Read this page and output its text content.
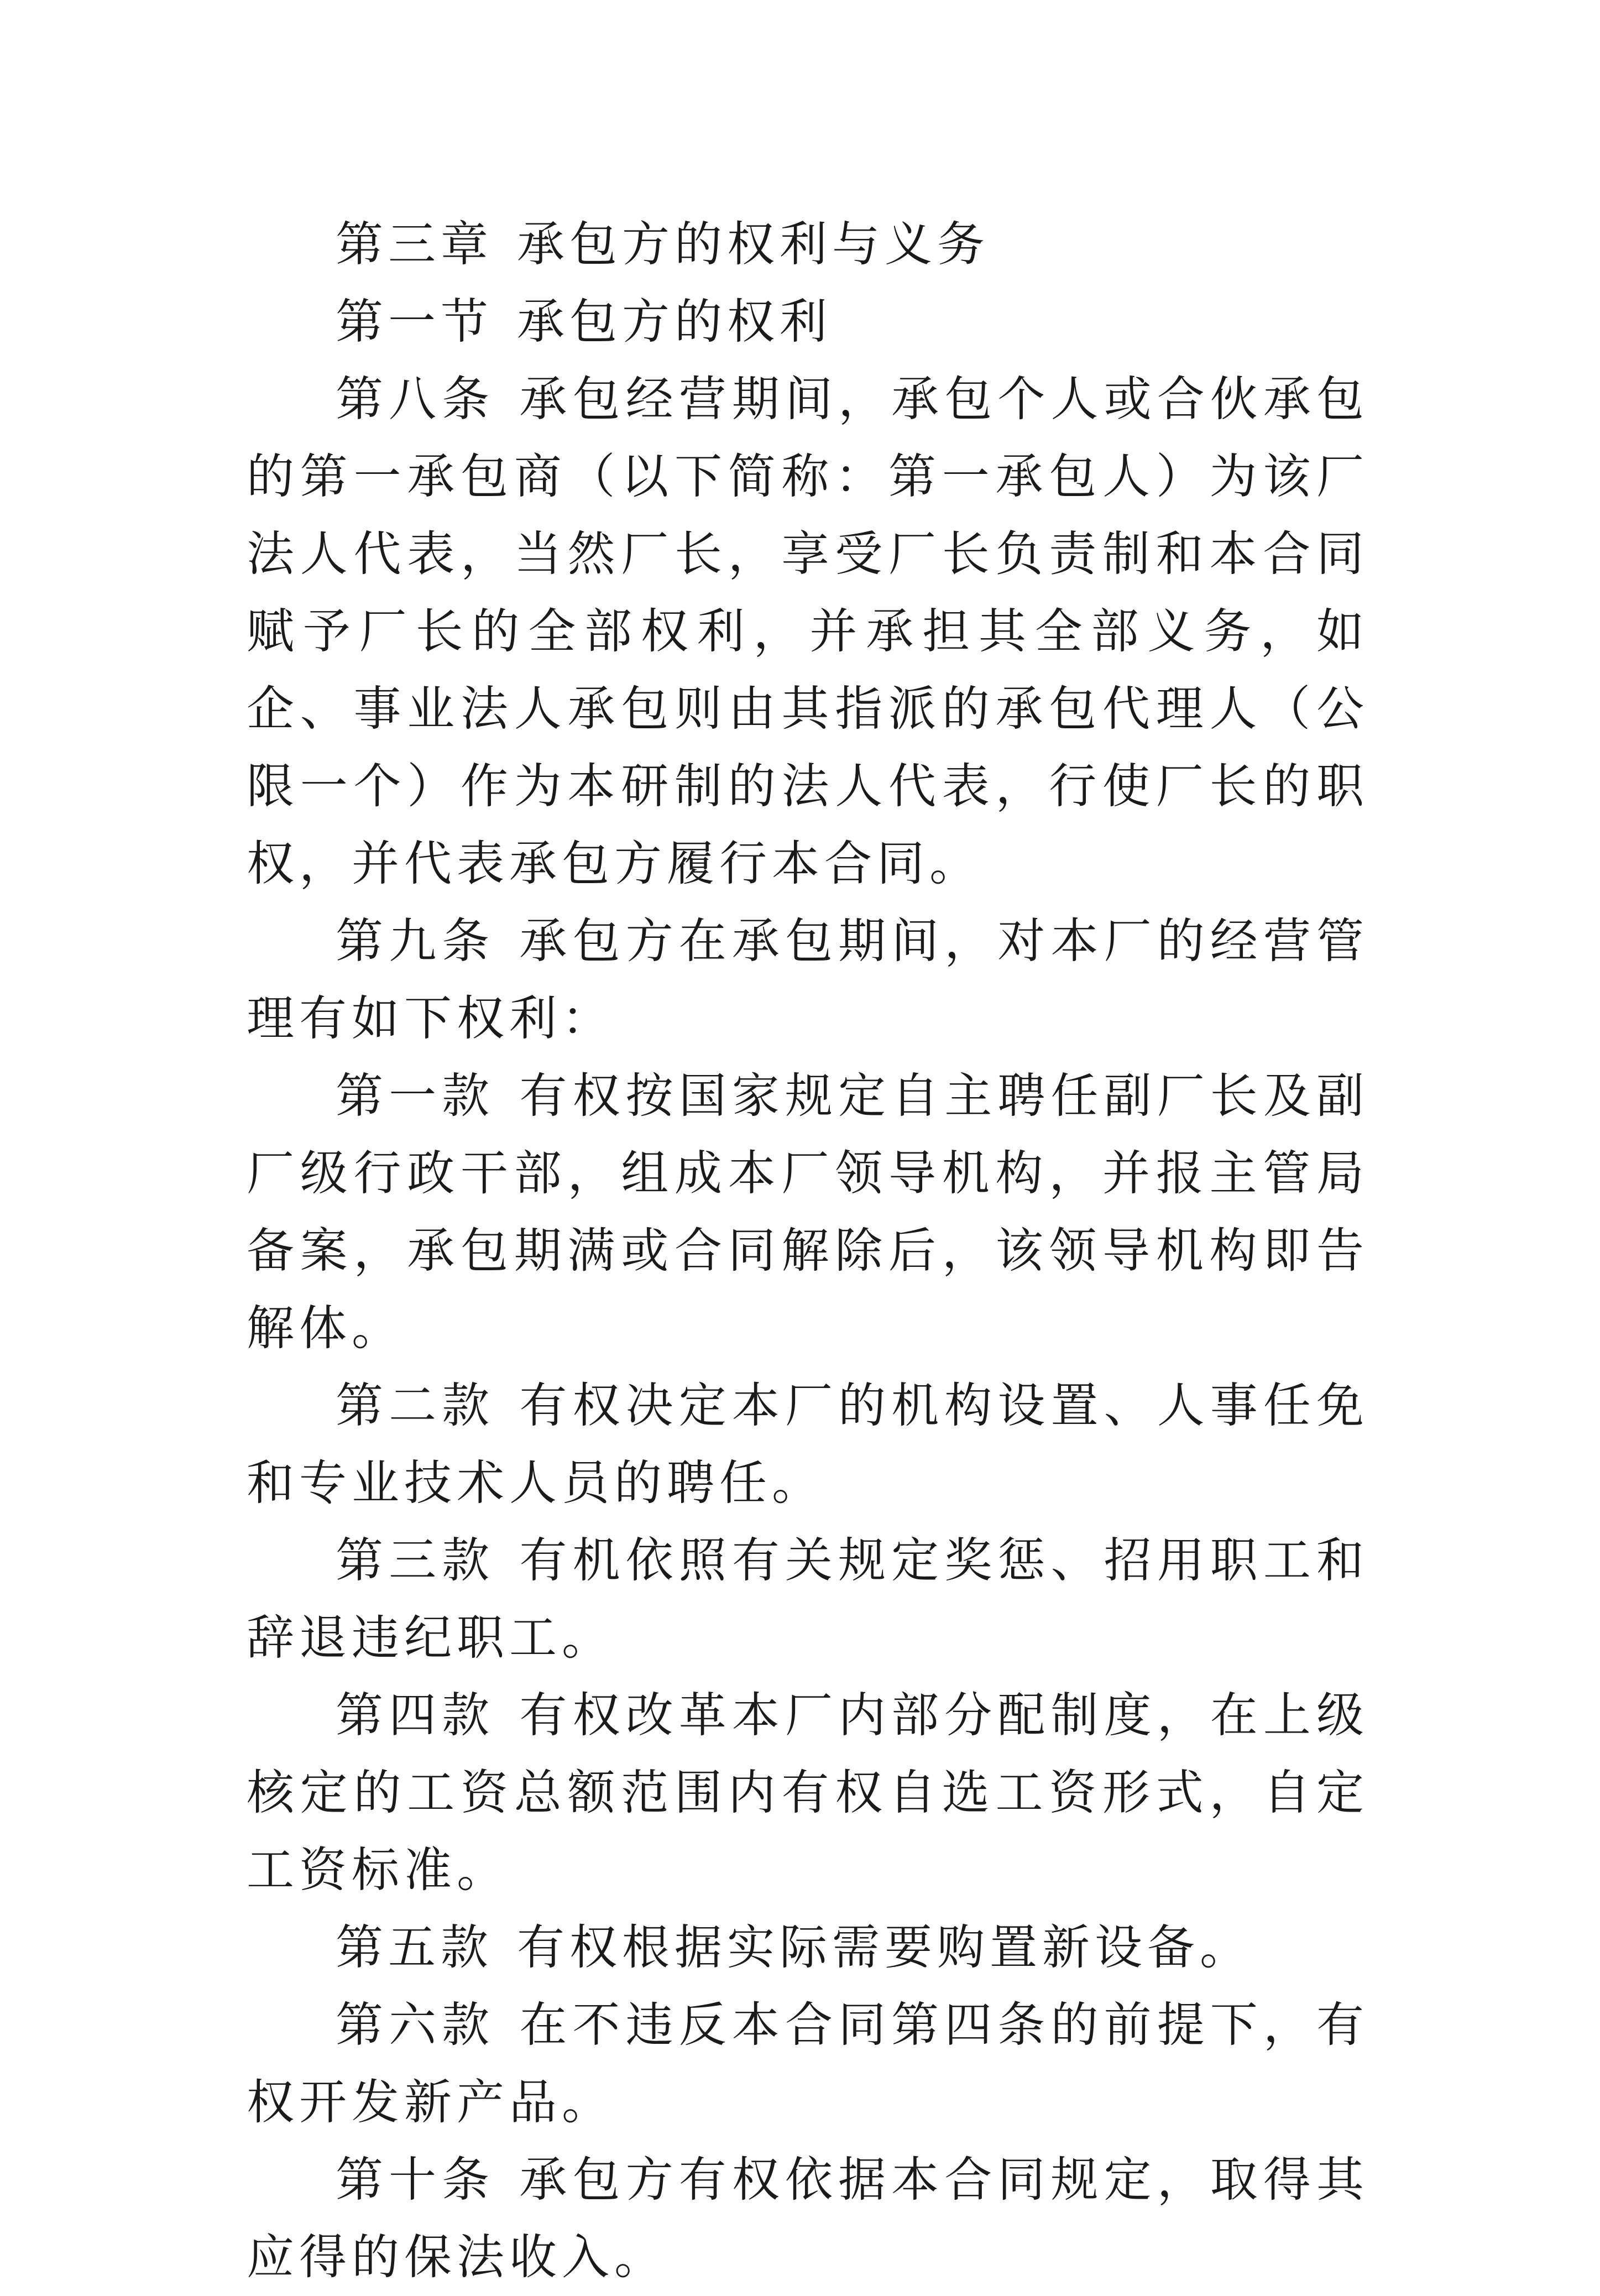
第三章 承包方的权利与义务

第一节 承包方的权利

第八条 承包经营期间，承包个人或合伙承包的第一承包商（以下简称：第一承包人）为该厂法人代表，当然厂长，享受厂长负责制和本合同赋予厂长的全部权利，并承担其全部义务，如企、事业法人承包则由其指派的承包代理人（公限一个）作为本研制的法人代表，行使厂长的职权，并代表承包方履行本合同。

第九条 承包方在承包期间，对本厂的经营管理有如下权利：

第一款 有权按国家规定自主聘任副厂长及副厂级行政干部，组成本厂领导机构，并报主管局备案，承包期满或合同解除后，该领导机构即告解体。

第二款 有权决定本厂的机构设置、人事任免和专业技术人员的聘任。

第三款 有机依照有关规定奖惩、招用职工和辞退违纪职工。

第四款 有权改革本厂内部分配制度，在上级核定的工资总额范围内有权自选工资形式，自定工资标准。

第五款 有权根据实际需要购置新设备。

第六款 在不违反本合同第四条的前提下，有权开发新产品。

第十条 承包方有权依据本合同规定，取得其应得的保法收入。
